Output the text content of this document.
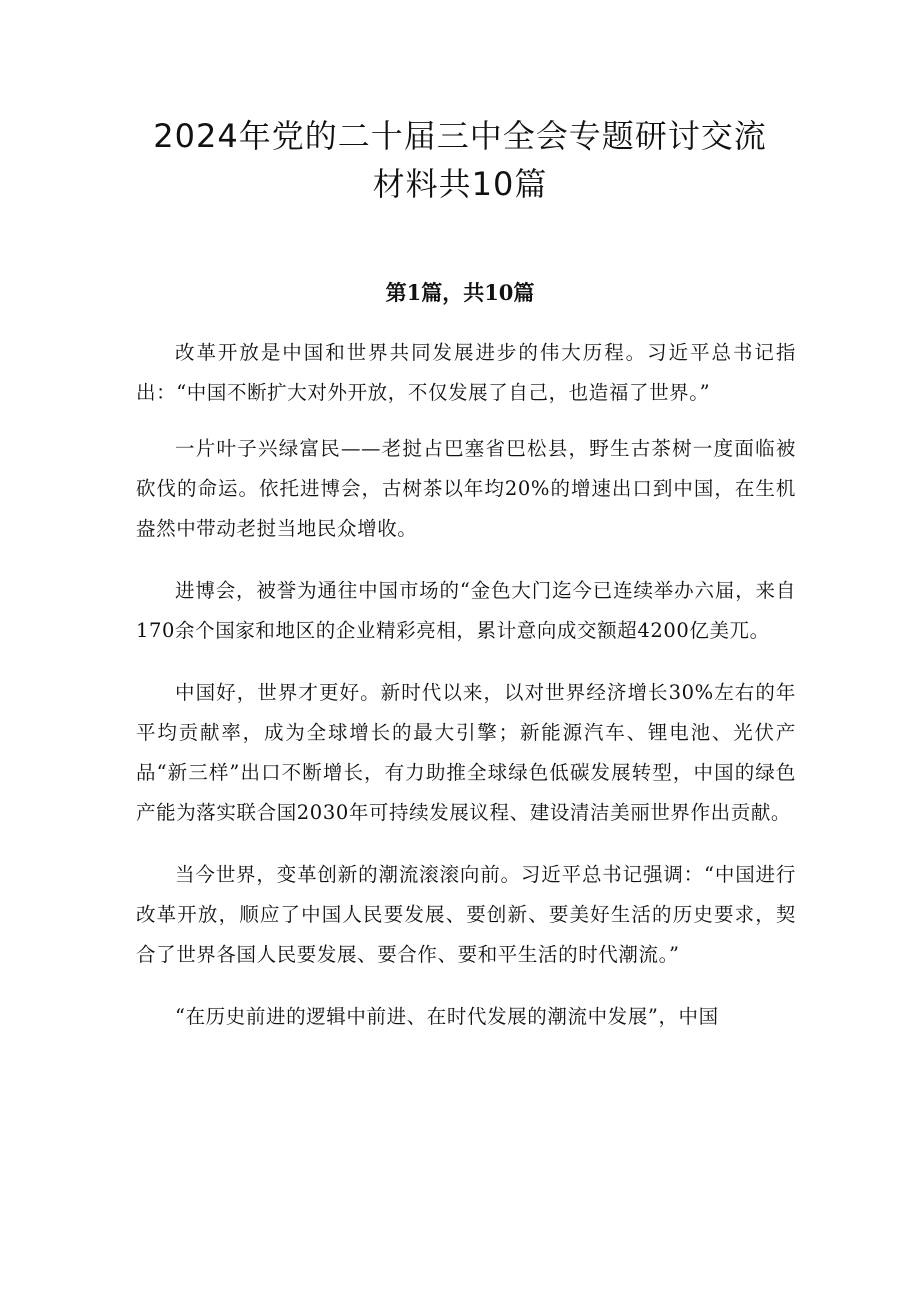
2024年党的二十届三中全会专题研讨交流
材料共10篇
第1篇，共10篇

改革开放是中国和世界共同发展进步的伟大历程。习近平总书记指出：“中国不断扩大对外开放，不仅发展了自己，也造福了世界。”

一片叶子兴绿富民——老挝占巴塞省巴松县，野生古茶树一度面临被砍伐的命运。依托进博会，古树茶以年均20%的增速出口到中国，在生机盎然中带动老挝当地民众增收。

进博会，被誉为通往中国市场的“金色大门迄今已连续举办六届，来自170余个国家和地区的企业精彩亮相，累计意向成交额超4200亿美兀。

中国好，世界才更好。新时代以来，以对世界经济增长30%左右的年平均贡献率，成为全球增长的最大引擎；新能源汽车、锂电池、光伏产品“新三样”出口不断增长，有力助推全球绿色低碳发展转型，中国的绿色产能为落实联合国2030年可持续发展议程、建设清洁美丽世界作出贡献。

当今世界，变革创新的潮流滚滚向前。习近平总书记强调：“中国进行改革开放，顺应了中国人民要发展、要创新、要美好生活的历史要求，契合了世界各国人民要发展、要合作、要和平生活的时代潮流。”

“在历史前进的逻辑中前进、在时代发展的潮流中发展”，中国
